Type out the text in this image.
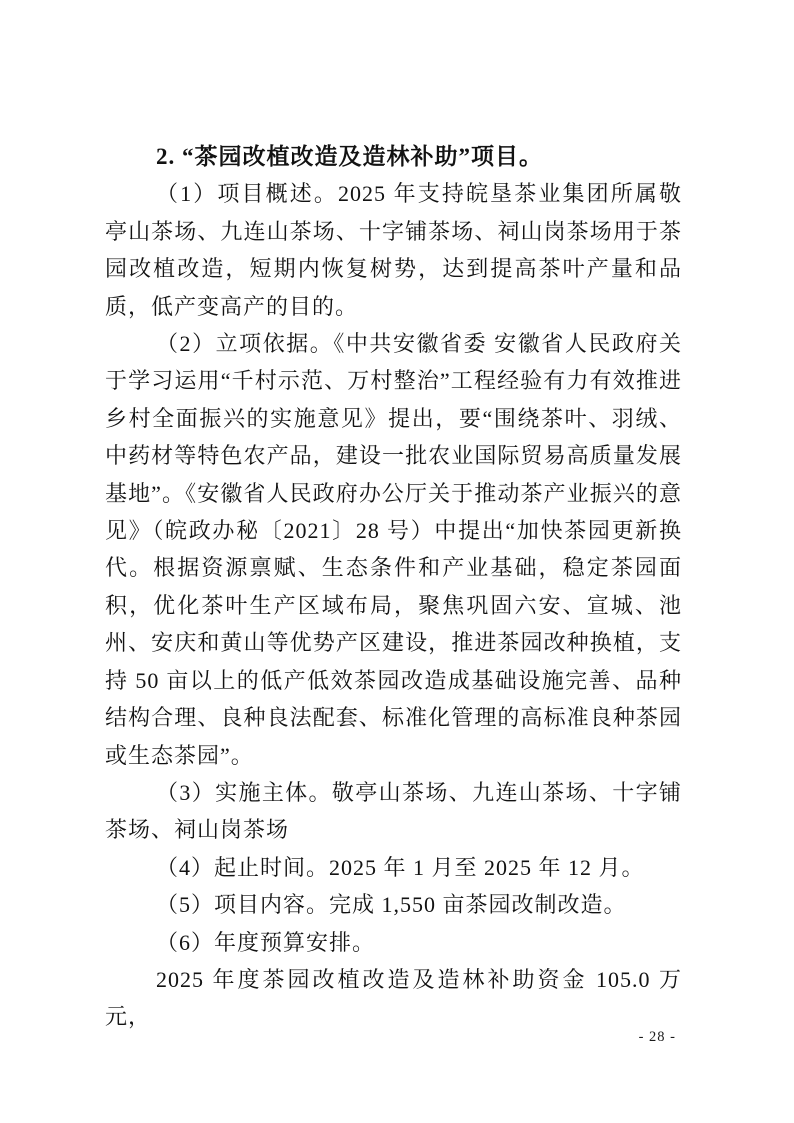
2. “茶园改植改造及造林补助”项目。

（1）项目概述。2025 年支持皖垦茶业集团所属敬亭山茶场、九连山茶场、十字铺茶场、祠山岗茶场用于茶园改植改造，短期内恢复树势，达到提高茶叶产量和品质，低产变高产的目的。

（2）立项依据。《中共安徽省委 安徽省人民政府关于学习运用“千村示范、万村整治”工程经验有力有效推进乡村全面振兴的实施意见》提出，要“围绕茶叶、羽绒、中药材等特色农产品，建设一批农业国际贸易高质量发展基地”。《安徽省人民政府办公厅关于推动茶产业振兴的意见》（皖政办秘〔2021〕28 号）中提出“加快茶园更新换代。根据资源禀赋、生态条件和产业基础，稳定茶园面积，优化茶叶生产区域布局，聚焦巩固六安、宣城、池州、安庆和黄山等优势产区建设，推进茶园改种换植，支持 50 亩以上的低产低效茶园改造成基础设施完善、品种结构合理、良种良法配套、标准化管理的高标准良种茶园或生态茶园”。

（3）实施主体。敬亭山茶场、九连山茶场、十字铺茶场、祠山岗茶场

（4）起止时间。2025 年 1 月至 2025 年 12 月。

（5）项目内容。完成 1,550 亩茶园改制改造。

（6）年度预算安排。

2025 年度茶园改植改造及造林补助资金 105.0 万元，

- 28 -
